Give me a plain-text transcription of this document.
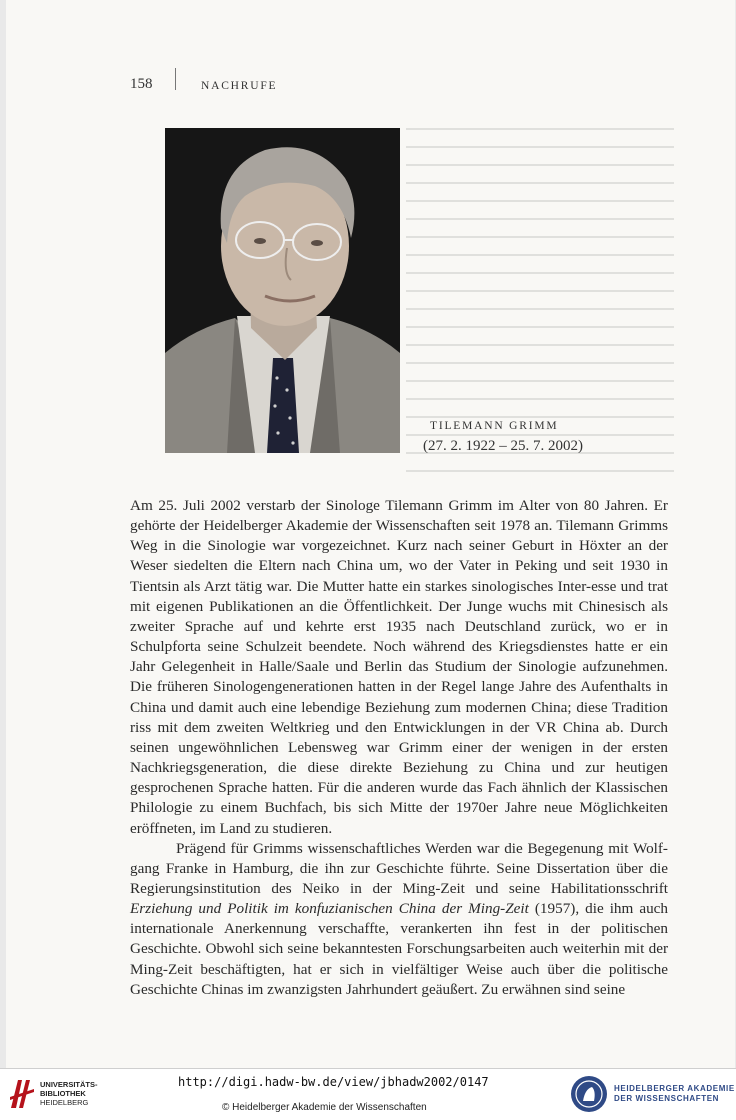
158	NACHRUFE
TILEMANN GRIMM
(27. 2. 1922 – 25. 7. 2002)

Am 25. Juli 2002 verstarb der Sinologe Tilemann Grimm im Alter von 80 Jahren. Er gehörte der Heidelberger Akademie der Wissenschaften seit 1978 an. Tilemann Grimms Weg in die Sinologie war vorgezeichnet. Kurz nach seiner Geburt in Höxter an der Weser siedelten die Eltern nach China um, wo der Vater in Peking und seit 1930 in Tientsin als Arzt tätig war. Die Mutter hatte ein starkes sinologisches Inter-esse und trat mit eigenen Publikationen an die Öffentlichkeit. Der Junge wuchs mit Chinesisch als zweiter Sprache auf und kehrte erst 1935 nach Deutschland zurück, wo er in Schulpforta seine Schulzeit beendete. Noch während des Kriegsdienstes hatte er ein Jahr Gelegenheit in Halle/Saale und Berlin das Studium der Sinologie aufzunehmen. Die früheren Sinologengenerationen hatten in der Regel lange Jahre des Aufenthalts in China und damit auch eine lebendige Beziehung zum modernen China; diese Tradition riss mit dem zweiten Weltkrieg und den Entwicklungen in der VR China ab. Durch seinen ungewöhnlichen Lebensweg war Grimm einer der wenigen in der ersten Nachkriegsgeneration, die diese direkte Beziehung zu China und zur heutigen gesprochenen Sprache hatten. Für die anderen wurde das Fach ähnlich der Klassischen Philologie zu einem Buchfach, bis sich Mitte der 1970er Jahre neue Möglichkeiten eröffneten, im Land zu studieren.

Prägend für Grimms wissenschaftliches Werden war die Begegenung mit Wolf-gang Franke in Hamburg, die ihn zur Geschichte führte. Seine Dissertation über die Regierungsinstitution des Neiko in der Ming-Zeit und seine Habilitationsschrift Erziehung und Politik im konfuzianischen China der Ming-Zeit (1957), die ihm auch internationale Anerkennung verschaffte, verankerten ihn fest in der politischen Geschichte. Obwohl sich seine bekanntesten Forschungsarbeiten auch weiterhin mit der Ming-Zeit beschäftigten, hat er sich in vielfältiger Weise auch über die politische Geschichte Chinas im zwanzigsten Jahrhundert geäußert. Zu erwähnen sind seine

UNIVERSITÄTS-
BIBLIOTHEK
HEIDELBERG
http://digi.hadw-bw.de/view/jbhadw2002/0147
© Heidelberger Akademie der Wissenschaften
HEIDELBERGER AKADEMIE
DER WISSENSCHAFTEN
